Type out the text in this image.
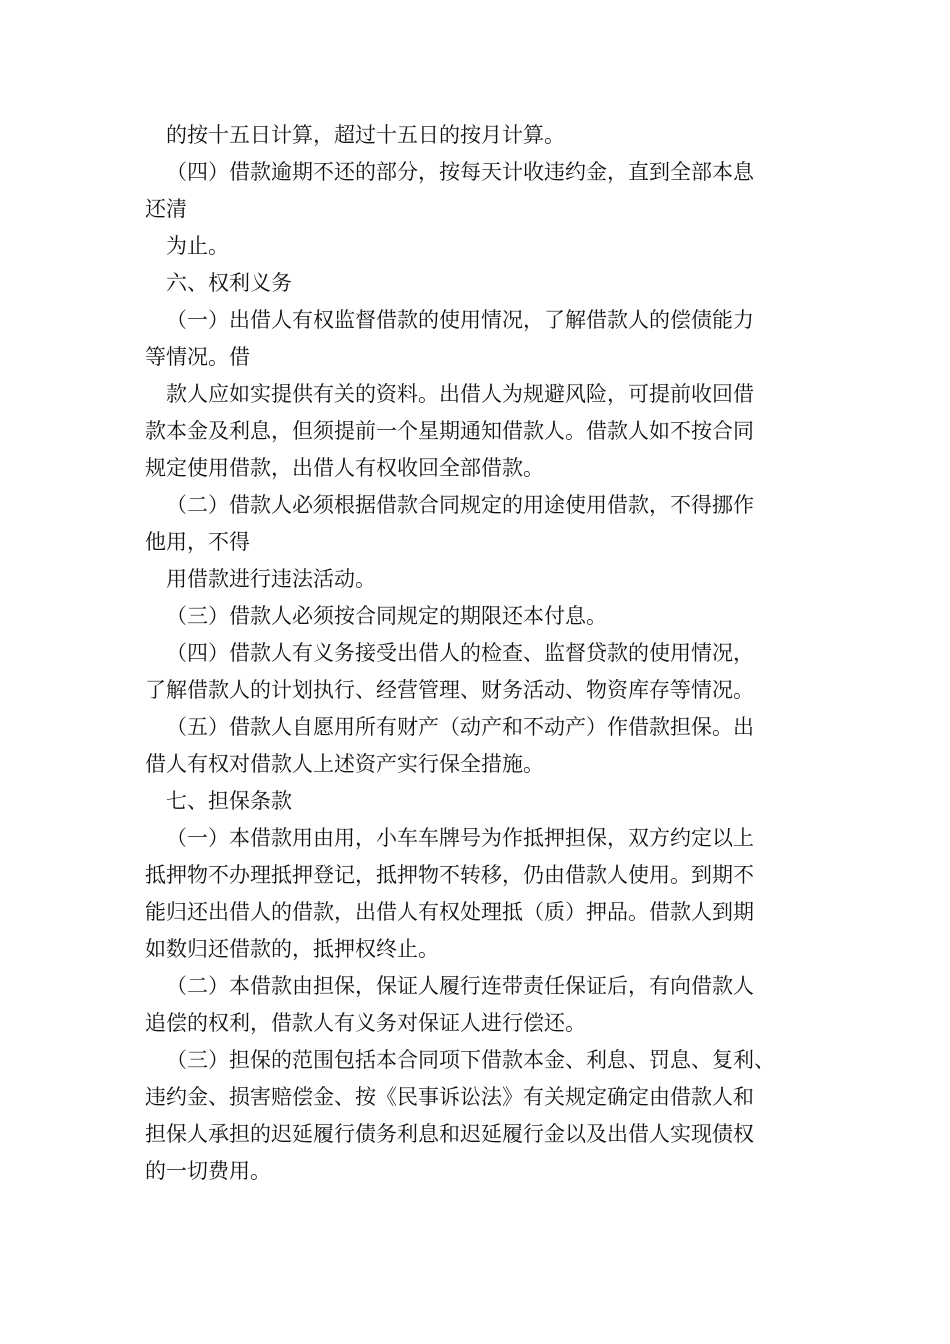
的按十五日计算，超过十五日的按月计算。
（四）借款逾期不还的部分，按每天计收违约金，直到全部本息
还清
为止。
六、权利义务
（一）出借人有权监督借款的使用情况，了解借款人的偿债能力
等情况。借
款人应如实提供有关的资料。出借人为规避风险，可提前收回借
款本金及利息，但须提前一个星期通知借款人。借款人如不按合同
规定使用借款，出借人有权收回全部借款。
（二）借款人必须根据借款合同规定的用途使用借款，不得挪作
他用，不得
用借款进行违法活动。
（三）借款人必须按合同规定的期限还本付息。
（四）借款人有义务接受出借人的检查、监督贷款的使用情况，
了解借款人的计划执行、经营管理、财务活动、物资库存等情况。
（五）借款人自愿用所有财产（动产和不动产）作借款担保。出
借人有权对借款人上述资产实行保全措施。
七、担保条款
（一）本借款用由用，小车车牌号为作抵押担保，双方约定以上
抵押物不办理抵押登记，抵押物不转移，仍由借款人使用。到期不
能归还出借人的借款，出借人有权处理抵（质）押品。借款人到期
如数归还借款的，抵押权终止。
（二）本借款由担保，保证人履行连带责任保证后，有向借款人
追偿的权利，借款人有义务对保证人进行偿还。
（三）担保的范围包括本合同项下借款本金、利息、罚息、复利、
违约金、损害赔偿金、按《民事诉讼法》有关规定确定由借款人和
担保人承担的迟延履行债务利息和迟延履行金以及出借人实现债权
的一切费用。
